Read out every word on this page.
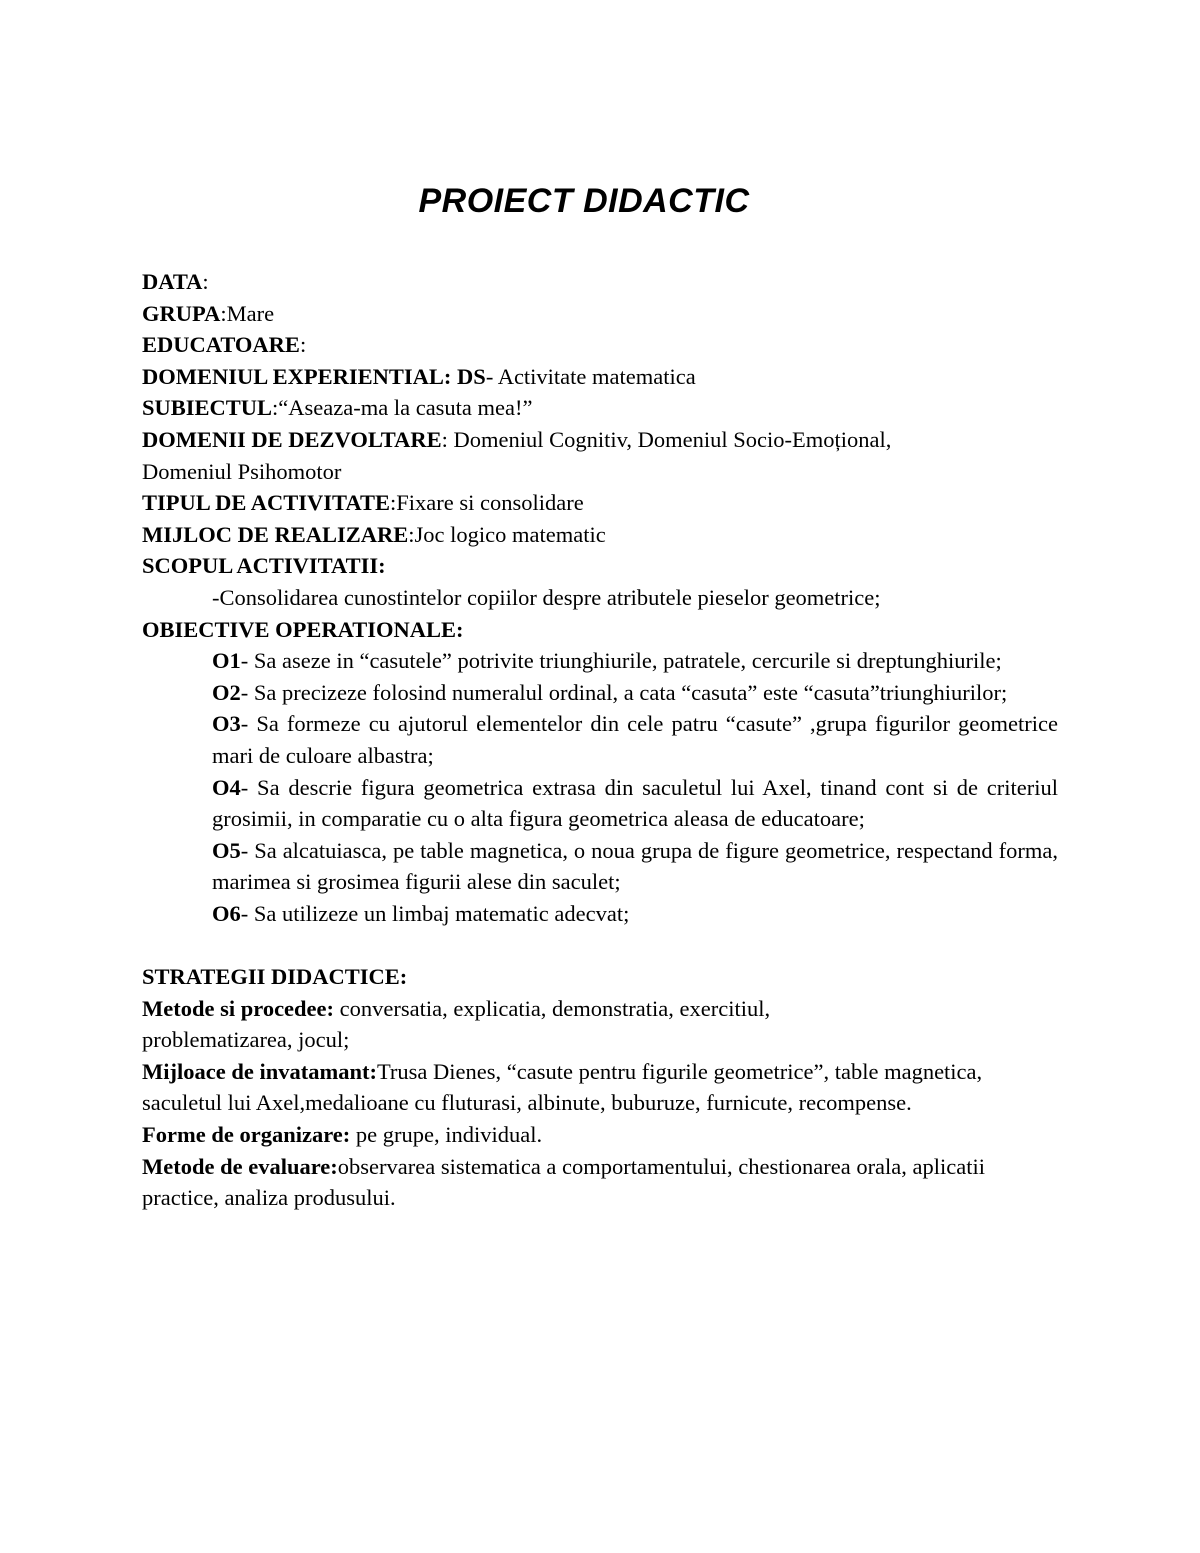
PROIECT DIDACTIC

DATA:

GRUPA:Mare

EDUCATOARE:

DOMENIUL EXPERIENTIAL: DS- Activitate matematica

SUBIECTUL:“Aseaza-ma la casuta mea!”

DOMENII DE DEZVOLTARE: Domeniul Cognitiv, Domeniul Socio-Emoțional, Domeniul Psihomotor

TIPUL DE ACTIVITATE:Fixare si consolidare

MIJLOC DE REALIZARE:Joc logico matematic

SCOPUL ACTIVITATII:

-Consolidarea cunostintelor copiilor despre atributele pieselor geometrice;

OBIECTIVE OPERATIONALE:

O1- Sa aseze in “casutele” potrivite triunghiurile, patratele, cercurile si dreptunghiurile;

O2- Sa precizeze folosind numeralul ordinal, a cata “casuta” este “casuta”triunghiurilor;

O3- Sa formeze cu ajutorul elementelor din cele patru “casute” ,grupa figurilor geometrice mari de culoare albastra;

O4- Sa descrie figura geometrica extrasa din saculetul lui Axel, tinand cont si de criteriul grosimii, in comparatie cu o alta figura geometrica aleasa de educatoare;

O5- Sa alcatuiasca, pe table magnetica, o noua grupa de figure geometrice, respectand forma, marimea si grosimea figurii alese din saculet;

O6- Sa utilizeze un limbaj matematic adecvat;

STRATEGII DIDACTICE:

Metode si procedee: conversatia, explicatia, demonstratia, exercitiul, problematizarea, jocul;

Mijloace de invatamant:Trusa Dienes, “casute pentru figurile geometrice”, table magnetica, saculetul lui Axel,medalioane cu fluturasi, albinute, buburuze, furnicute, recompense.

Forme de organizare: pe grupe, individual.

Metode de evaluare:observarea sistematica a comportamentului, chestionarea orala, aplicatii practice, analiza produsului.
